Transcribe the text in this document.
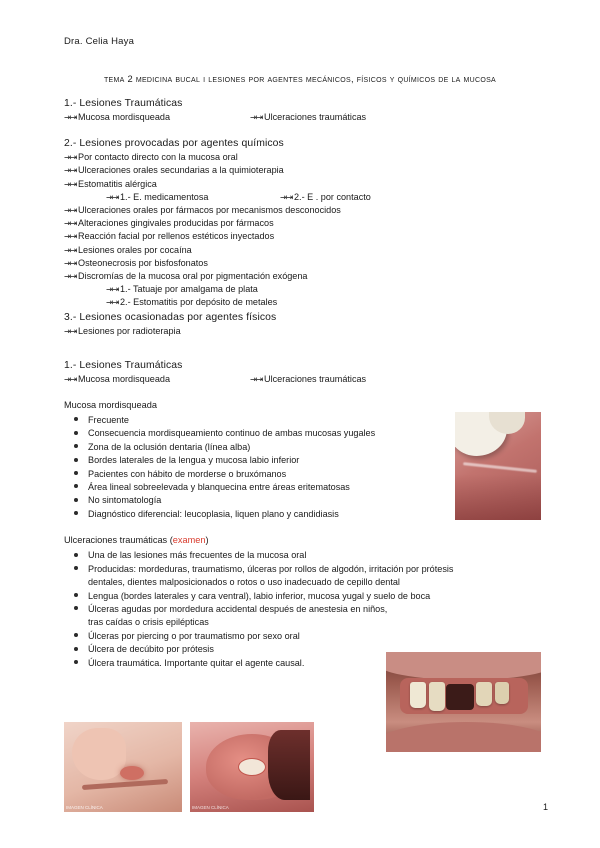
Dra. Celia Haya
tema 2 medicina bucal i lesiones por agentes mecánicos, físicos y químicos de la mucosa
1.- Lesiones Traumáticas
⇥⇥ Mucosa mordisqueada	⇥⇥ Ulceraciones traumáticas
2.- Lesiones provocadas por agentes químicos
⇥⇥ Por contacto directo con la mucosa oral
⇥⇥ Ulceraciones orales secundarias a la quimioterapia
⇥⇥ Estomatitis alérgica
⇥⇥ 1.- E. medicamentosa	⇥⇥ 2.- E . por contacto
⇥⇥ Ulceraciones orales por fármacos por mecanismos desconocidos
⇥⇥ Alteraciones gingivales producidas por fármacos
⇥⇥ Reacción facial por rellenos estéticos inyectados
⇥⇥ Lesiones orales por cocaína
⇥⇥ Osteonecrosis por bisfosfonatos
⇥⇥ Discromías de la mucosa oral por pigmentación exógena
⇥⇥ 1.- Tatuaje por amalgama de plata
⇥⇥ 2.- Estomatitis por depósito de metales
3.- Lesiones ocasionadas por agentes físicos
⇥⇥ Lesiones por radioterapia
1.- Lesiones Traumáticas
⇥⇥ Mucosa mordisqueada	⇥⇥ Ulceraciones traumáticas
Mucosa mordisqueada
Frecuente
Consecuencia mordisqueamiento continuo de ambas mucosas yugales
Zona de la oclusión dentaria (línea alba)
Bordes laterales de la lengua y mucosa labio inferior
Pacientes con hábito de morderse o bruxómanos
Área lineal sobreelevada y blanquecina entre áreas eritematosas
No sintomatología
Diagnóstico diferencial: leucoplasia, liquen plano y candidiasis
Ulceraciones traumáticas (examen)
Una de las lesiones más frecuentes de la mucosa oral
Producidas: mordeduras, traumatismo, úlceras por rollos de algodón, irritación por prótesis dentales, dientes malposicionados o rotos o uso inadecuado de cepillo dental
Lengua (bordes laterales y cara ventral), labio inferior, mucosa yugal y suelo de boca
Úlceras agudas por mordedura accidental después de anestesia en niños, tras caídas o crisis epilépticas
Úlceras por piercing o por traumatismo por sexo oral
Úlcera de decúbito por prótesis
Úlcera traumática. Importante quitar el agente causal.
IMAGEN CLÍNICA	IMAGEN CLÍNICA	1
